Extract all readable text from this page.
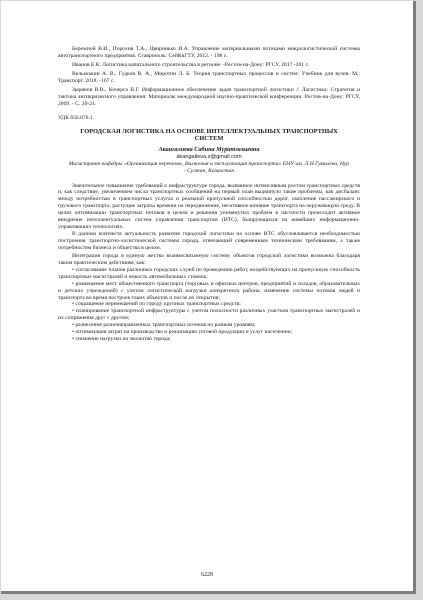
Бережной В.И., Порохня Т.А., Цвиринько И.А. Управление материальными потоками микрологистической системы автотранспортного предприятия. Ставрополь: СейКвГТУ, 2012. - 198 с.

Иванов Е.К. Логистика капитального строительства в регионе. -Ростов-на-Дону: РГСУ, 2017.-201 с.

Вельможин А. В., Гудков В. А., Миротин Л. Б. Теория транспортных процессов и систем: Учебник для вузов. М.: Транспорт, 2018. -167 с.

Зырянов В.В., Кочерга В.Г. Информационное обеспечение задач транспортной логистики // Логистика: Стратегия и тактика антикризисного управления: Материалы международной научно-практической конференции. Ростов-на-Дону: РГСУ, 2009. - С. 20-21.

УДК 656.078.1

ГОРОДСКАЯ ЛОГИСТИКА НА ОСНОВЕ ИНТЕЛЛЕКТУАЛЬНЫХ ТРАНСПОРТНЫХ СИСТЕМ

Акангалиева Сабина Муратгазыевна

akangalieva.s@gmail.com

Магистрант кафедры «Организация перевозок, движения и эксплуатация транспорта» ЕНУ им. Л.Н.Гумилева, Нур - Султан, Казахстан

Значительное повышение требований к инфраструктуре города, вызванное интенсивным ростом транспортных средств и, как следствие, увеличением числа транспортных сообщений на первый план выдвинуло такие проблемы, как дисбаланс между потребностью в транспортных услугах и реальной пропускной способностью дорог, скопление пассажирского и грузового транспорта, растущие затраты времени на передвижение, негативное влияние транспорта на окружающую среду. В целях оптимизации транспортных потоков в целом и решения упомянутых проблем в частности происходит активное внедрение интеллектуальных систем управления транспортом (ИТС), базирующихся на новейших информационно-управляющих технологиях.

В данном контексте актуальность развития городской логистики на основе ИТС обусловливается необходимостью построения транспортно-логистической системы города, отвечающей современным техническим требованиям, а также потребностям бизнеса и общества в целом.

Интеграция города в единую жестко взаимосвязанную систему объектов городской логистики возможна благодаря таким практическим действиям, как:

• согласование планов различных городских служб по проведению работ, воздействующих на пропускную способность транспортных магистралей и емкость автомобильных стоянок;

• размещение мест общественного транспорта (торговых и офисных центров, предприятий и складов, образовательных и детских учреждений) с учетом логистической нагрузки конкретного района, изменение системы потоков людей и транспорта во время построек таких объектов и после их открытия;

• сокращение перемещений по городу крупных транспортных средств;

• планирование транспортной инфраструктуры с учетом полосности различных участков транспортных магистралей и их сопряжения друг с другом;

• разнесение разнонаправленных транспортных потоков по разным уровням;

• оптимизация затрат на производство и реализацию готовой продукции и услуг населению;

• снижение нагрузки на экологию города;

6228
